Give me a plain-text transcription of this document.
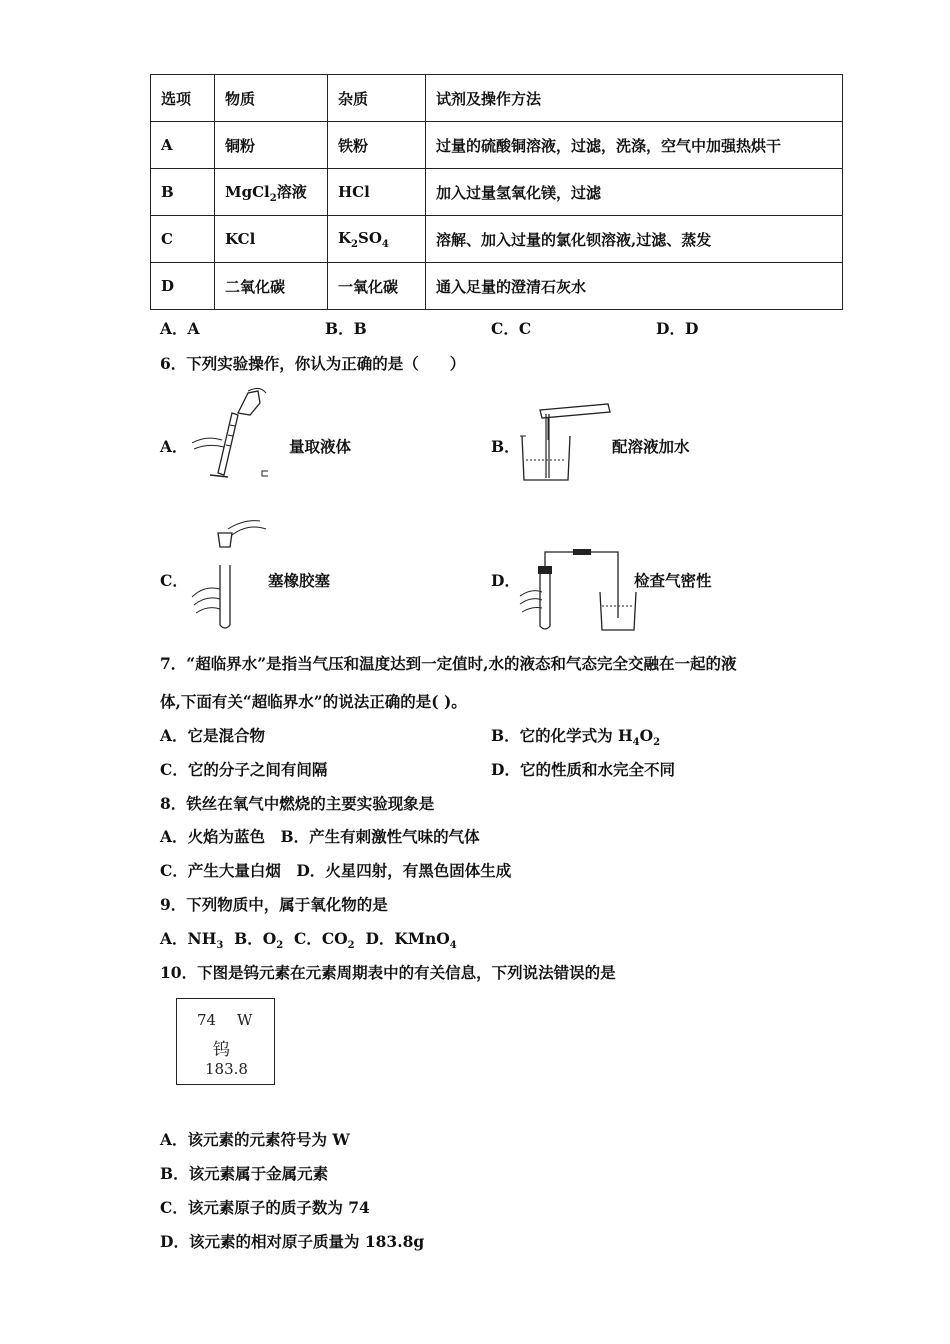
选项	物质	杂质	试剂及操作方法
A	铜粉	铁粉	过量的硫酸铜溶液，过滤，洗涤，空气中加强热烘干
B	MgCl$_2$溶液	HCl	加入过量氢氧化镁，过滤
C	KCl	$K_2SO_4$	溶解、加入过量的氯化钡溶液,过滤、蒸发
D	二氧化碳	一氧化碳	通入足量的澄清石灰水
A．A	B．B	C．C	D．D
6．下列实验操作，你认为正确的是（　　）
A．	量取液体	B．	配溶液加水
C．	塞橡胶塞	D．	检查气密性
7．“超临界水”是指当气压和温度达到一定值时,水的液态和气态完全交融在一起的液
体,下面有关“超临界水”的说法正确的是( )。
A．它是混合物	B．它的化学式为 $H_4O_2$
C．它的分子之间有间隔	D．它的性质和水完全不同
8．铁丝在氧气中燃烧的主要实验现象是
A．火焰为蓝色　B．产生有刺激性气味的气体
C．产生大量白烟　D．火星四射，有黑色固体生成
9．下列物质中，属于氧化物的是
A．$NH_3$ B．$O_2$ C．$CO_2$ D．KMnO$_4$
10．下图是钨元素在元素周期表中的有关信息，下列说法错误的是
74 W
钨
183.8
A．该元素的元素符号为 W
B．该元素属于金属元素
C．该元素原子的质子数为 74
D．该元素的相对原子质量为 183.8g
